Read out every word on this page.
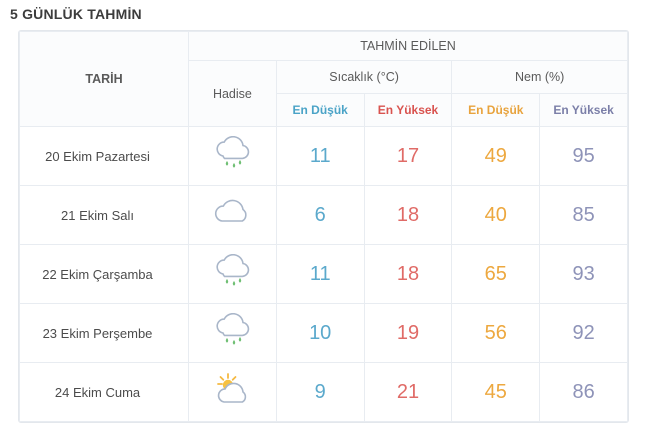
5 GÜNLÜK TAHMİN
TARİH	TAHMİN EDİLEN				
	Hadise	Sıcaklık (°C)		Nem (%)	
		En Düşük	En Yüksek	En Düşük	En Yüksek
20 Ekim Pazartesi		11	17	49	95
21 Ekim Salı		6	18	40	85
22 Ekim Çarşamba		11	18	65	93
23 Ekim Perşembe		10	19	56	92
24 Ekim Cuma		9	21	45	86
